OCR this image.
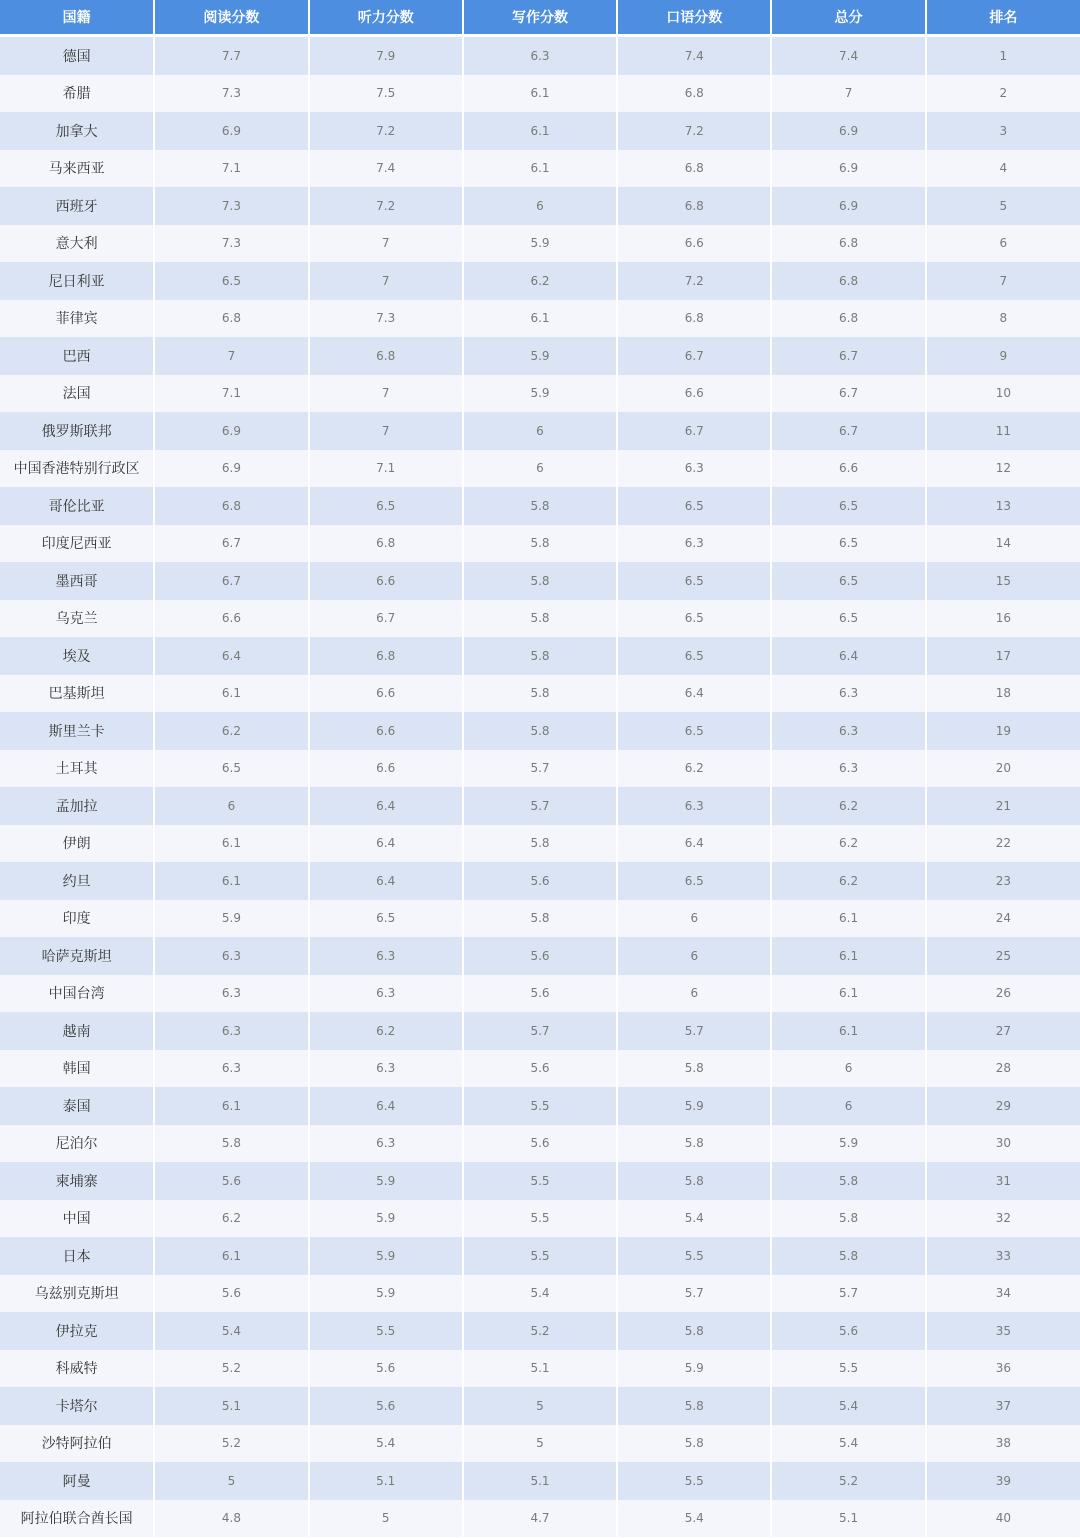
国籍	阅读分数	听力分数	写作分数	口语分数	总分	排名
德国	7.7	7.9	6.3	7.4	7.4	1
希腊	7.3	7.5	6.1	6.8	7	2
加拿大	6.9	7.2	6.1	7.2	6.9	3
马来西亚	7.1	7.4	6.1	6.8	6.9	4
西班牙	7.3	7.2	6	6.8	6.9	5
意大利	7.3	7	5.9	6.6	6.8	6
尼日利亚	6.5	7	6.2	7.2	6.8	7
菲律宾	6.8	7.3	6.1	6.8	6.8	8
巴西	7	6.8	5.9	6.7	6.7	9
法国	7.1	7	5.9	6.6	6.7	10
俄罗斯联邦	6.9	7	6	6.7	6.7	11
中国香港特别行政区	6.9	7.1	6	6.3	6.6	12
哥伦比亚	6.8	6.5	5.8	6.5	6.5	13
印度尼西亚	6.7	6.8	5.8	6.3	6.5	14
墨西哥	6.7	6.6	5.8	6.5	6.5	15
乌克兰	6.6	6.7	5.8	6.5	6.5	16
埃及	6.4	6.8	5.8	6.5	6.4	17
巴基斯坦	6.1	6.6	5.8	6.4	6.3	18
斯里兰卡	6.2	6.6	5.8	6.5	6.3	19
土耳其	6.5	6.6	5.7	6.2	6.3	20
孟加拉	6	6.4	5.7	6.3	6.2	21
伊朗	6.1	6.4	5.8	6.4	6.2	22
约旦	6.1	6.4	5.6	6.5	6.2	23
印度	5.9	6.5	5.8	6	6.1	24
哈萨克斯坦	6.3	6.3	5.6	6	6.1	25
中国台湾	6.3	6.3	5.6	6	6.1	26
越南	6.3	6.2	5.7	5.7	6.1	27
韩国	6.3	6.3	5.6	5.8	6	28
泰国	6.1	6.4	5.5	5.9	6	29
尼泊尔	5.8	6.3	5.6	5.8	5.9	30
柬埔寨	5.6	5.9	5.5	5.8	5.8	31
中国	6.2	5.9	5.5	5.4	5.8	32
日本	6.1	5.9	5.5	5.5	5.8	33
乌兹别克斯坦	5.6	5.9	5.4	5.7	5.7	34
伊拉克	5.4	5.5	5.2	5.8	5.6	35
科威特	5.2	5.6	5.1	5.9	5.5	36
卡塔尔	5.1	5.6	5	5.8	5.4	37
沙特阿拉伯	5.2	5.4	5	5.8	5.4	38
阿曼	5	5.1	5.1	5.5	5.2	39
阿拉伯联合酋长国	4.8	5	4.7	5.4	5.1	40
